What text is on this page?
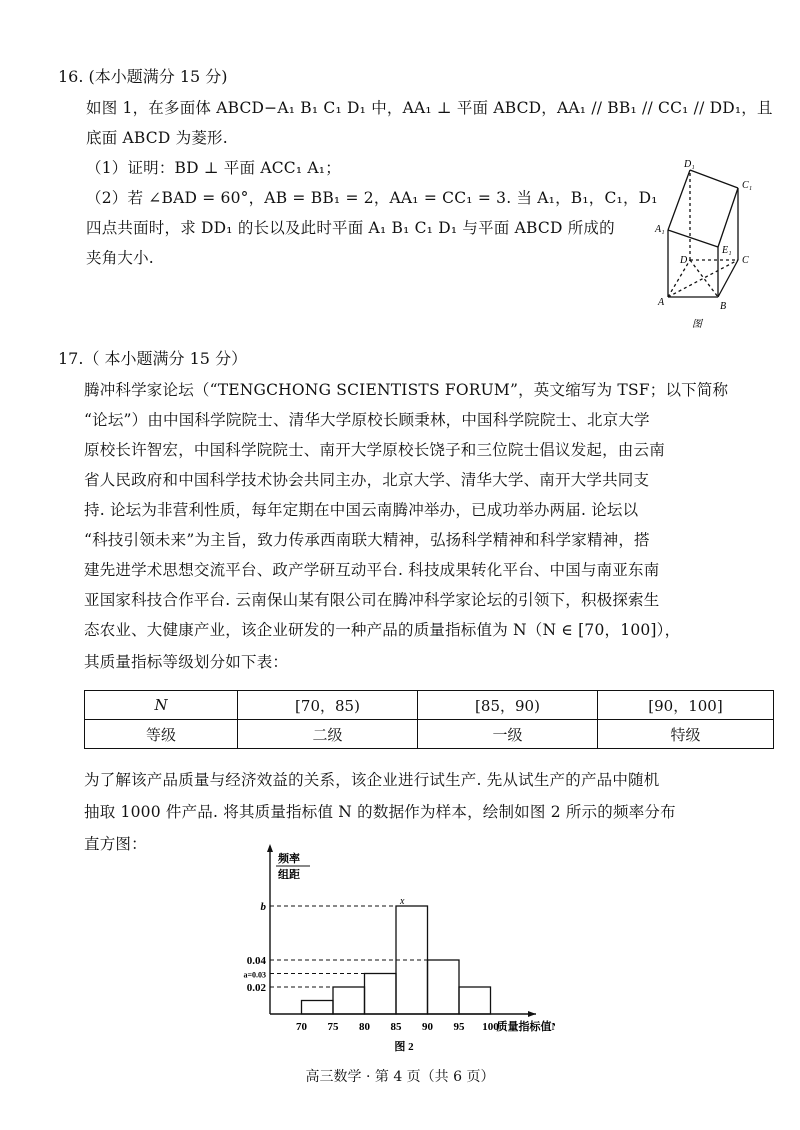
16. (本小题满分 15 分)
如图 1，在多面体 ABCD−A₁ B₁ C₁ D₁ 中，AA₁ ⊥ 平面 ABCD，AA₁ // BB₁ // CC₁ // DD₁，且
底面 ABCD 为菱形.
（1）证明：BD ⊥ 平面 ACC₁ A₁；
（2）若 ∠BAD = 60°，AB = BB₁ = 2，AA₁ = CC₁ = 3. 当 A₁，B₁，C₁，D₁
四点共面时，求 DD₁ 的长以及此时平面 A₁ B₁ C₁ D₁ 与平面 ABCD 所成的
夹角大小.
D₁
C₁
A₁
E₁
D	C
A	B
图
17.（ 本小题满分 15 分）
腾冲科学家论坛（“TENGCHONG SCIENTISTS FORUM”，英文缩写为 TSF；以下简称
“论坛”）由中国科学院院士、清华大学原校长顾秉林，中国科学院院士、北京大学
原校长许智宏，中国科学院院士、南开大学原校长饶子和三位院士倡议发起，由云南
省人民政府和中国科学技术协会共同主办，北京大学、清华大学、南开大学共同支
持. 论坛为非营利性质，每年定期在中国云南腾冲举办，已成功举办两届. 论坛以
“科技引领未来”为主旨，致力传承西南联大精神，弘扬科学精神和科学家精神，搭
建先进学术思想交流平台、政产学研互动平台. 科技成果转化平台、中国与南亚东南
亚国家科技合作平台. 云南保山某有限公司在腾冲科学家论坛的引领下，积极探索生
态农业、大健康产业，该企业研发的一种产品的质量指标值为 N（N ∈ [70，100]），
其质量指标等级划分如下表：
N	[70，85)	[85，90)	[90，100]
等级	二级	一级	特级
为了解该产品质量与经济效益的关系，该企业进行试生产. 先从试生产的产品中随机
抽取 1000 件产品. 将其质量指标值 N 的数据作为样本，绘制如图 2 所示的频率分布
直方图：
频率
组距
b
0.04
a=0.03
0.02
x
70 75 80 85 90 95 100
质量指标值N
图 2
高三数学 · 第 4 页（共 6 页）
